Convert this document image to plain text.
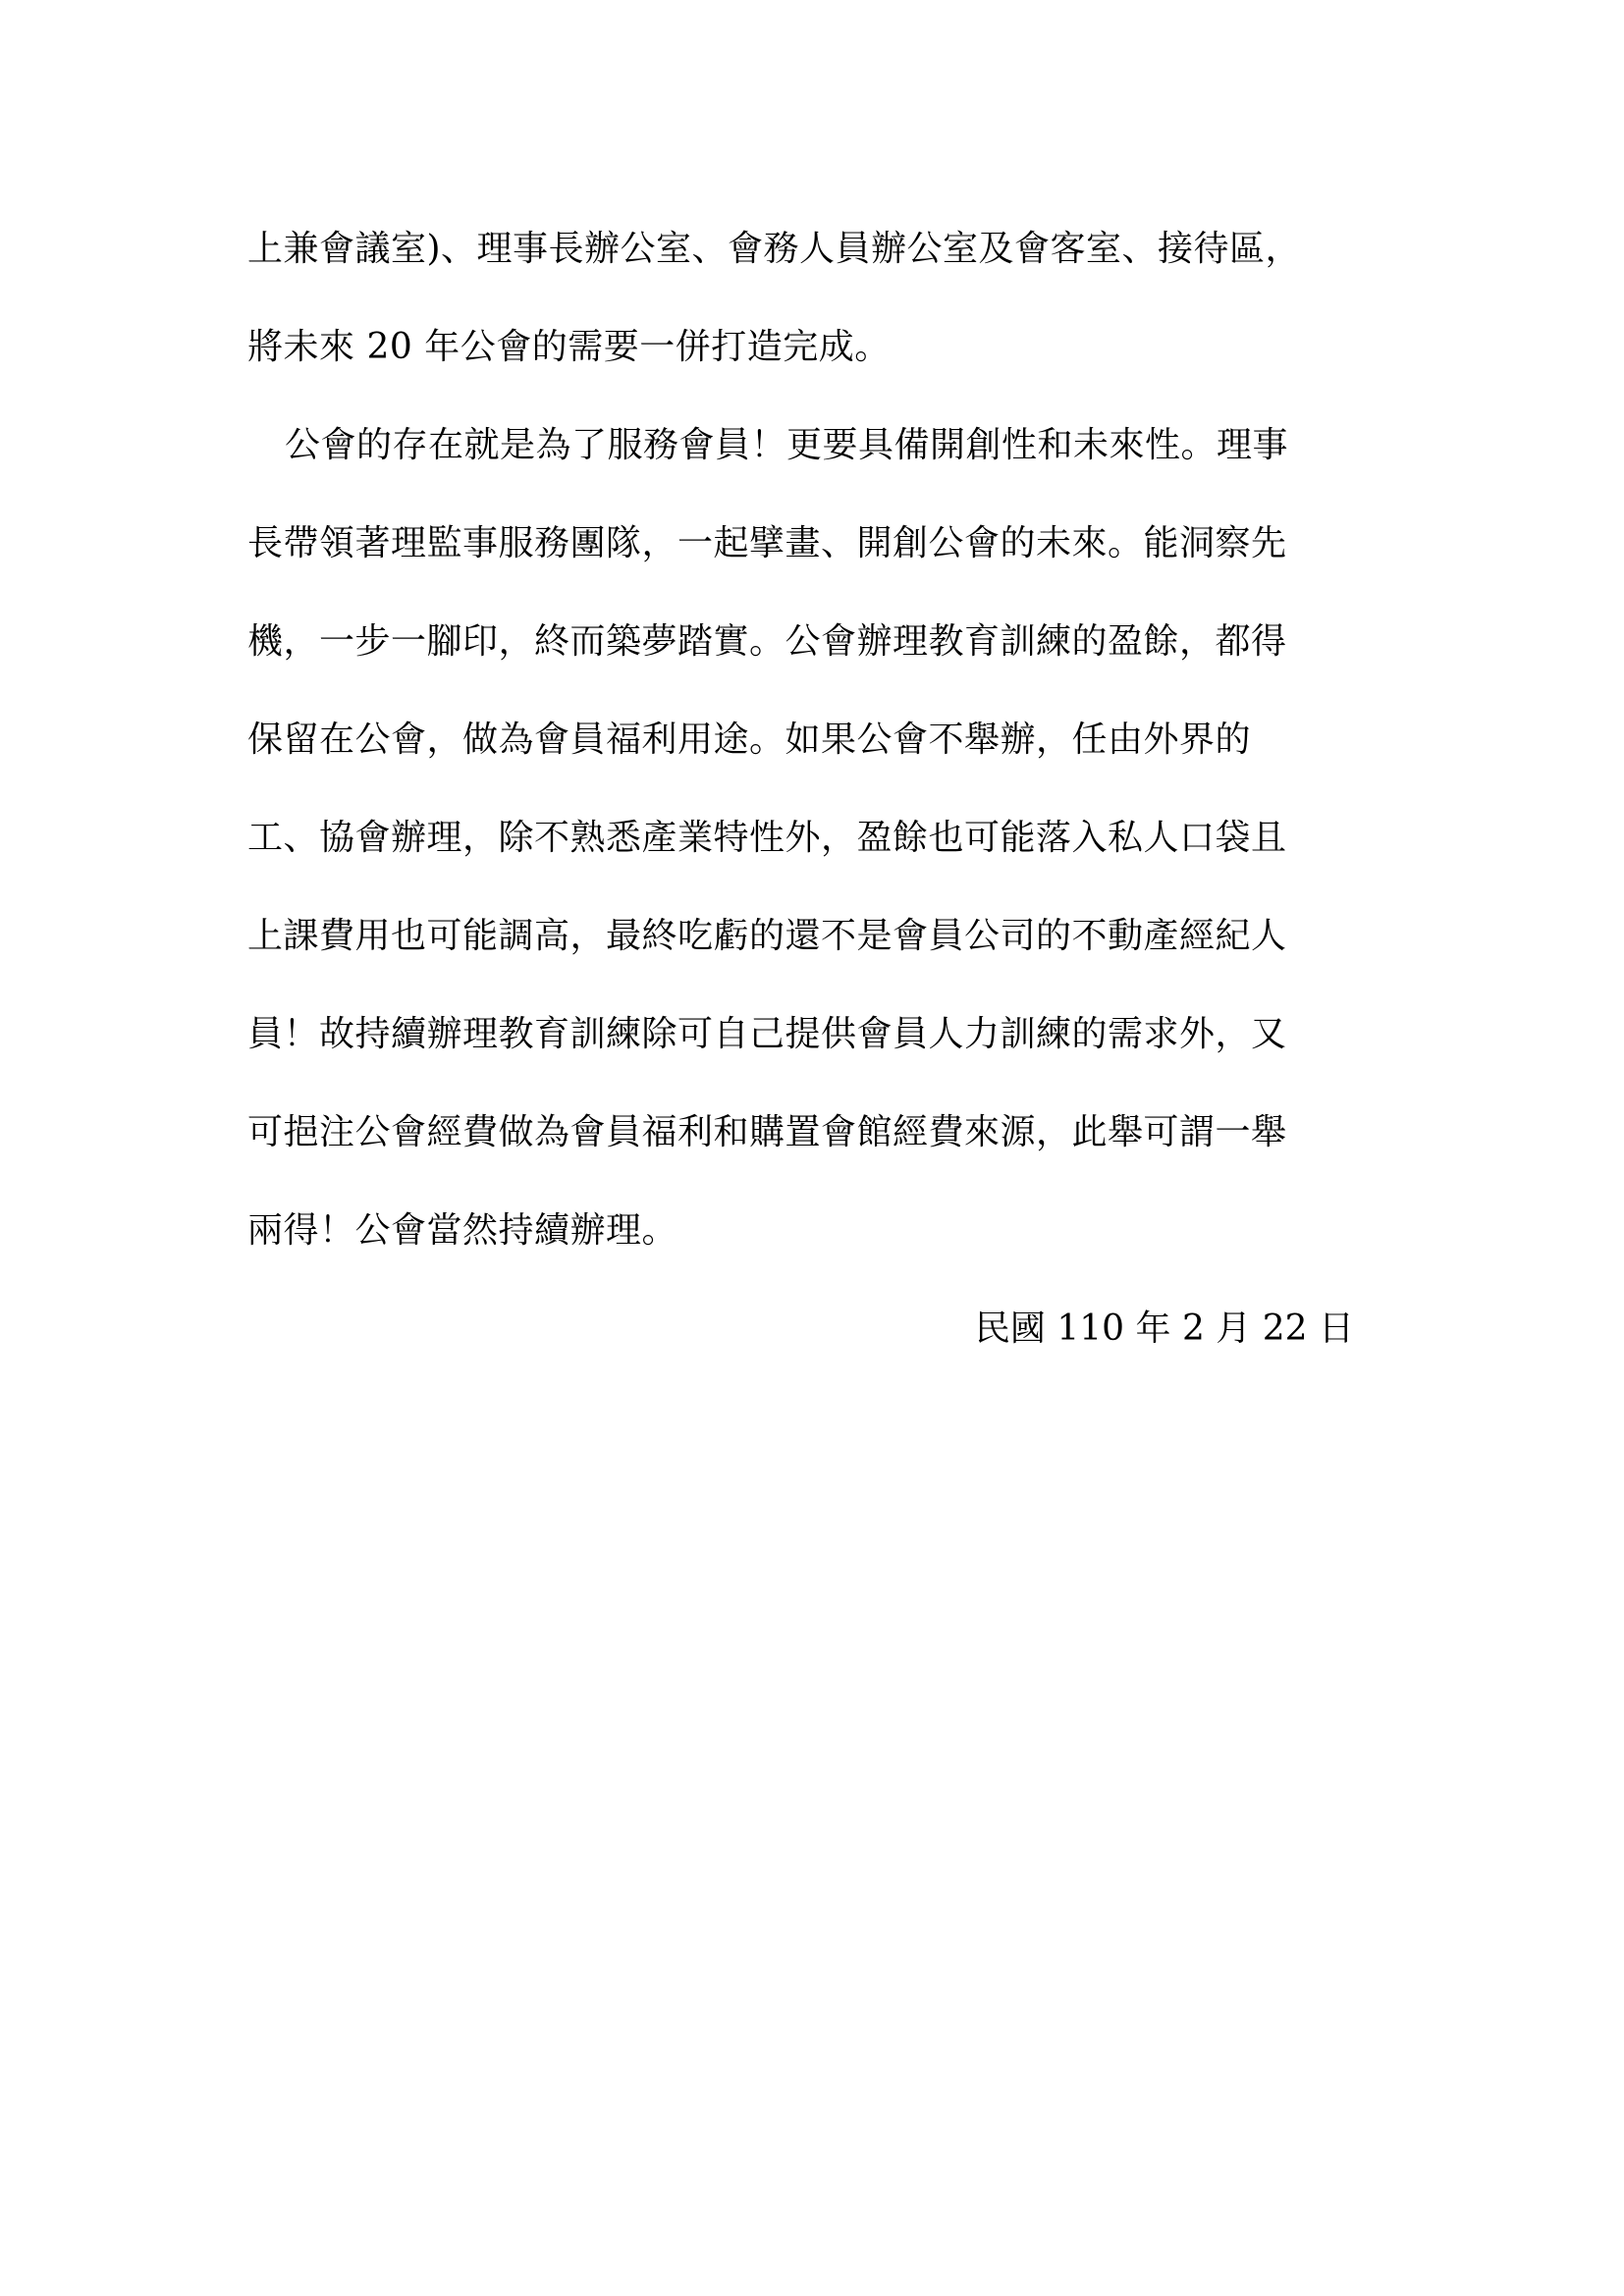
上兼會議室)、理事長辦公室、會務人員辦公室及會客室、接待區，
將未來 20 年公會的需要一併打造完成。
公會的存在就是為了服務會員！更要具備開創性和未來性。理事
長帶領著理監事服務團隊，一起擘畫、開創公會的未來。能洞察先
機，一步一腳印，終而築夢踏實。公會辦理教育訓練的盈餘，都得
保留在公會，做為會員福利用途。如果公會不舉辦，任由外界的
工、協會辦理，除不熟悉產業特性外，盈餘也可能落入私人口袋且
上課費用也可能調高，最終吃虧的還不是會員公司的不動產經紀人
員！故持續辦理教育訓練除可自己提供會員人力訓練的需求外，又
可挹注公會經費做為會員福利和購置會館經費來源，此舉可謂一舉
兩得！公會當然持續辦理。
民國 110 年 2 月 22 日
